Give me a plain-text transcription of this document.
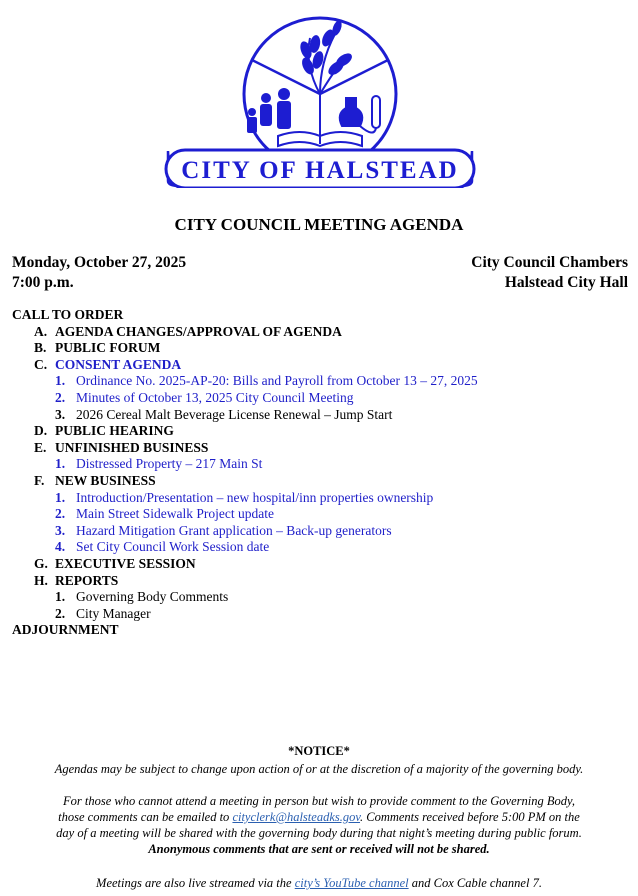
CITY OF HALSTEAD
CITY COUNCIL MEETING AGENDA
Monday, October 27, 2025
7:00 p.m.
City Council Chambers
Halstead City Hall
CALL TO ORDER
A. AGENDA CHANGES/APPROVAL OF AGENDA
B. PUBLIC FORUM
C. CONSENT AGENDA
1. Ordinance No. 2025-AP-20: Bills and Payroll from October 13 – 27, 2025
2. Minutes of October 13, 2025 City Council Meeting
3. 2026 Cereal Malt Beverage License Renewal – Jump Start
D. PUBLIC HEARING
E. UNFINISHED BUSINESS
1. Distressed Property – 217 Main St
F. NEW BUSINESS
1. Introduction/Presentation – new hospital/inn properties ownership
2. Main Street Sidewalk Project update
3. Hazard Mitigation Grant application – Back-up generators
4. Set City Council Work Session date
G. EXECUTIVE SESSION
H. REPORTS
1. Governing Body Comments
2. City Manager
ADJOURNMENT
*NOTICE*
Agendas may be subject to change upon action of or at the discretion of a majority of the governing body.
For those who cannot attend a meeting in person but wish to provide comment to the Governing Body,
those comments can be emailed to cityclerk@halsteadks.gov. Comments received before 5:00 PM on the
day of a meeting will be shared with the governing body during that night’s meeting during public forum.
Anonymous comments that are sent or received will not be shared.
Meetings are also live streamed via the city’s YouTube channel and Cox Cable channel 7.
